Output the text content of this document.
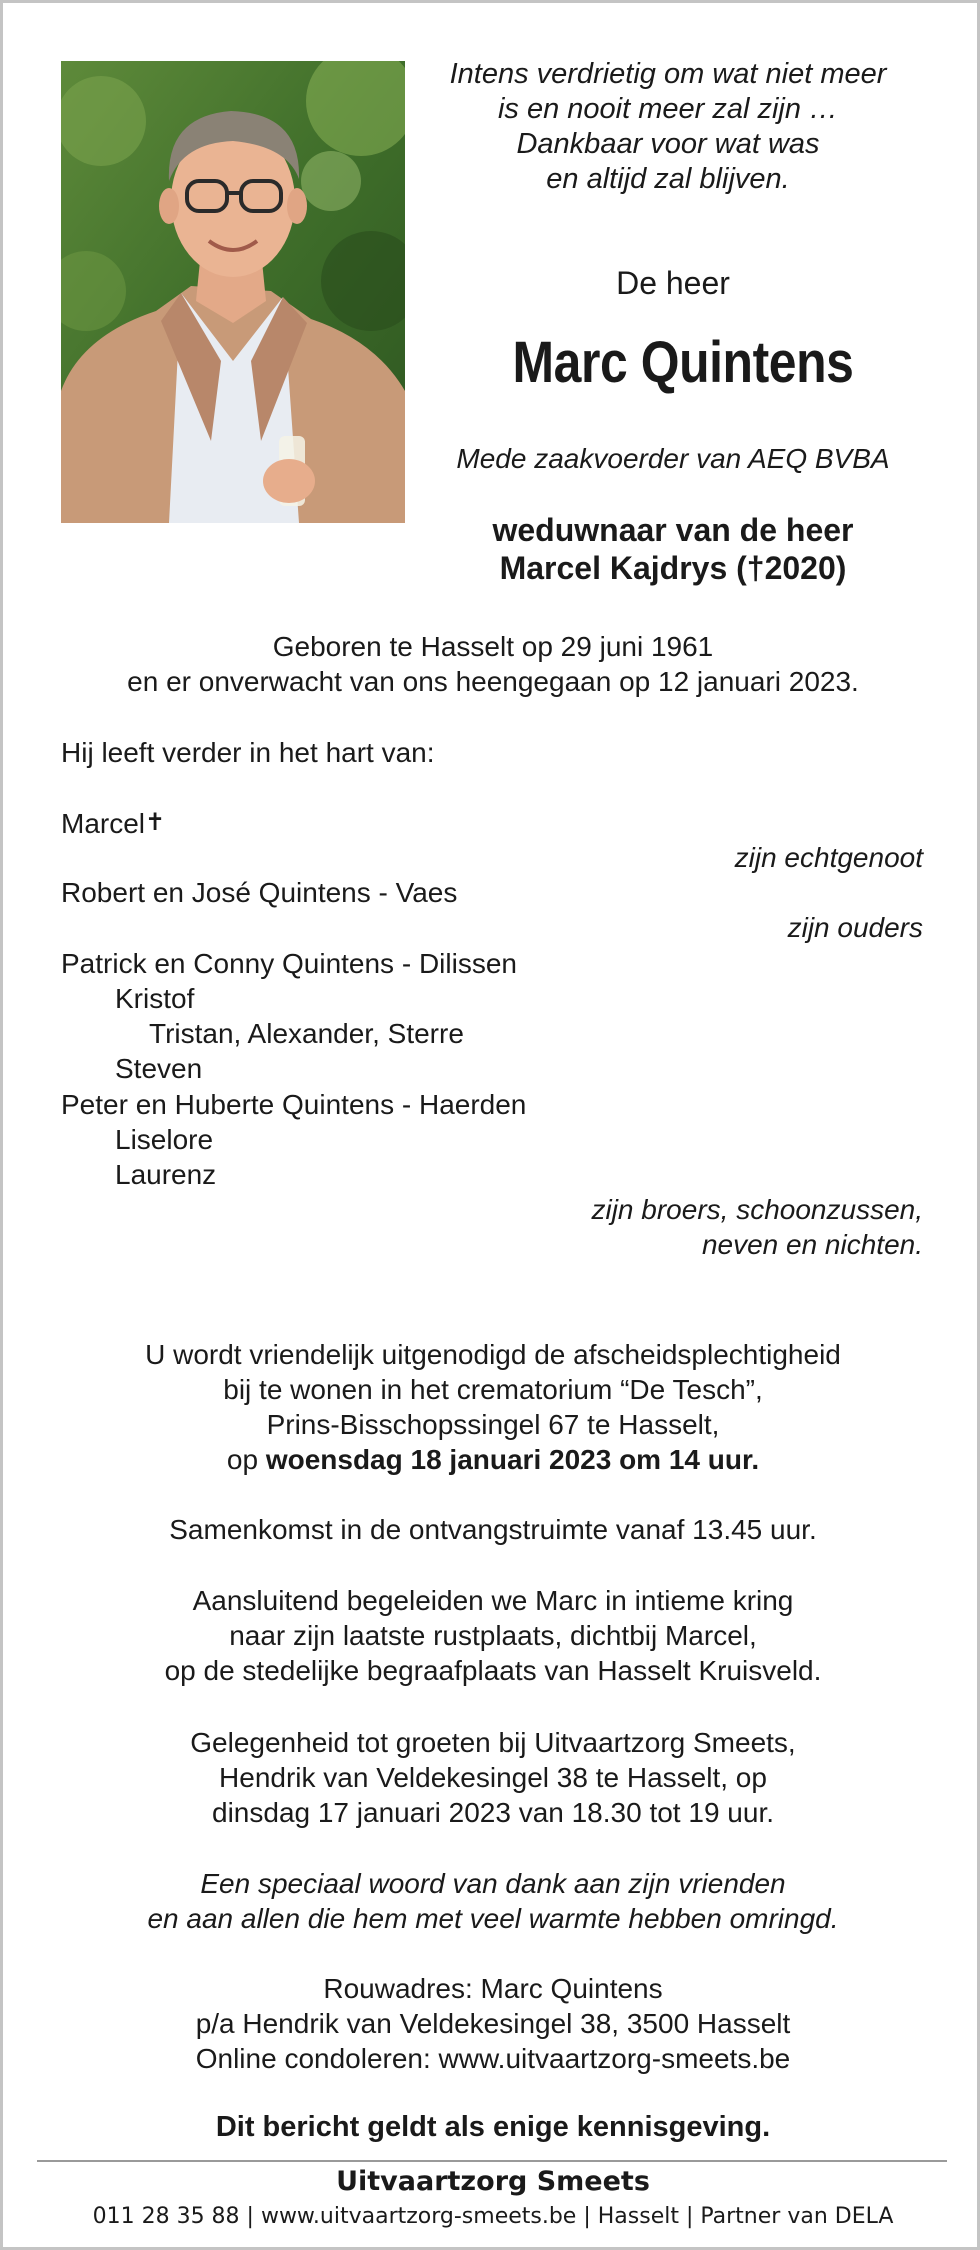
Intens verdrietig om wat niet meer
is en nooit meer zal zijn …
Dankbaar voor wat was
en altijd zal blijven.
De heer
Marc Quintens
Mede zaakvoerder van AEQ BVBA
weduwnaar van de heer
Marcel Kajdrys (†2020)
Geboren te Hasselt op 29 juni 1961
en er onverwacht van ons heengegaan op 12 januari 2023.
Hij leeft verder in het hart van:
Marcel✝
zijn echtgenoot
Robert en José Quintens - Vaes
zijn ouders
Patrick en Conny Quintens - Dilissen
Kristof
Tristan, Alexander, Sterre
Steven
Peter en Huberte Quintens - Haerden
Liselore
Laurenz
zijn broers, schoonzussen,
neven en nichten.
U wordt vriendelijk uitgenodigd de afscheidsplechtigheid
bij te wonen in het crematorium “De Tesch”,
Prins-Bisschopssingel 67 te Hasselt,
op woensdag 18 januari 2023 om 14 uur.
Samenkomst in de ontvangstruimte vanaf 13.45 uur.
Aansluitend begeleiden we Marc in intieme kring
naar zijn laatste rustplaats, dichtbij Marcel,
op de stedelijke begraafplaats van Hasselt Kruisveld.
Gelegenheid tot groeten bij Uitvaartzorg Smeets,
Hendrik van Veldekesingel 38 te Hasselt, op
dinsdag 17 januari 2023 van 18.30 tot 19 uur.
Een speciaal woord van dank aan zijn vrienden
en aan allen die hem met veel warmte hebben omringd.
Rouwadres: Marc Quintens
p/a Hendrik van Veldekesingel 38, 3500 Hasselt
Online condoleren: www.uitvaartzorg-smeets.be
Dit bericht geldt als enige kennisgeving.
Uitvaartzorg Smeets
011 28 35 88 | www.uitvaartzorg-smeets.be | Hasselt | Partner van DELA
